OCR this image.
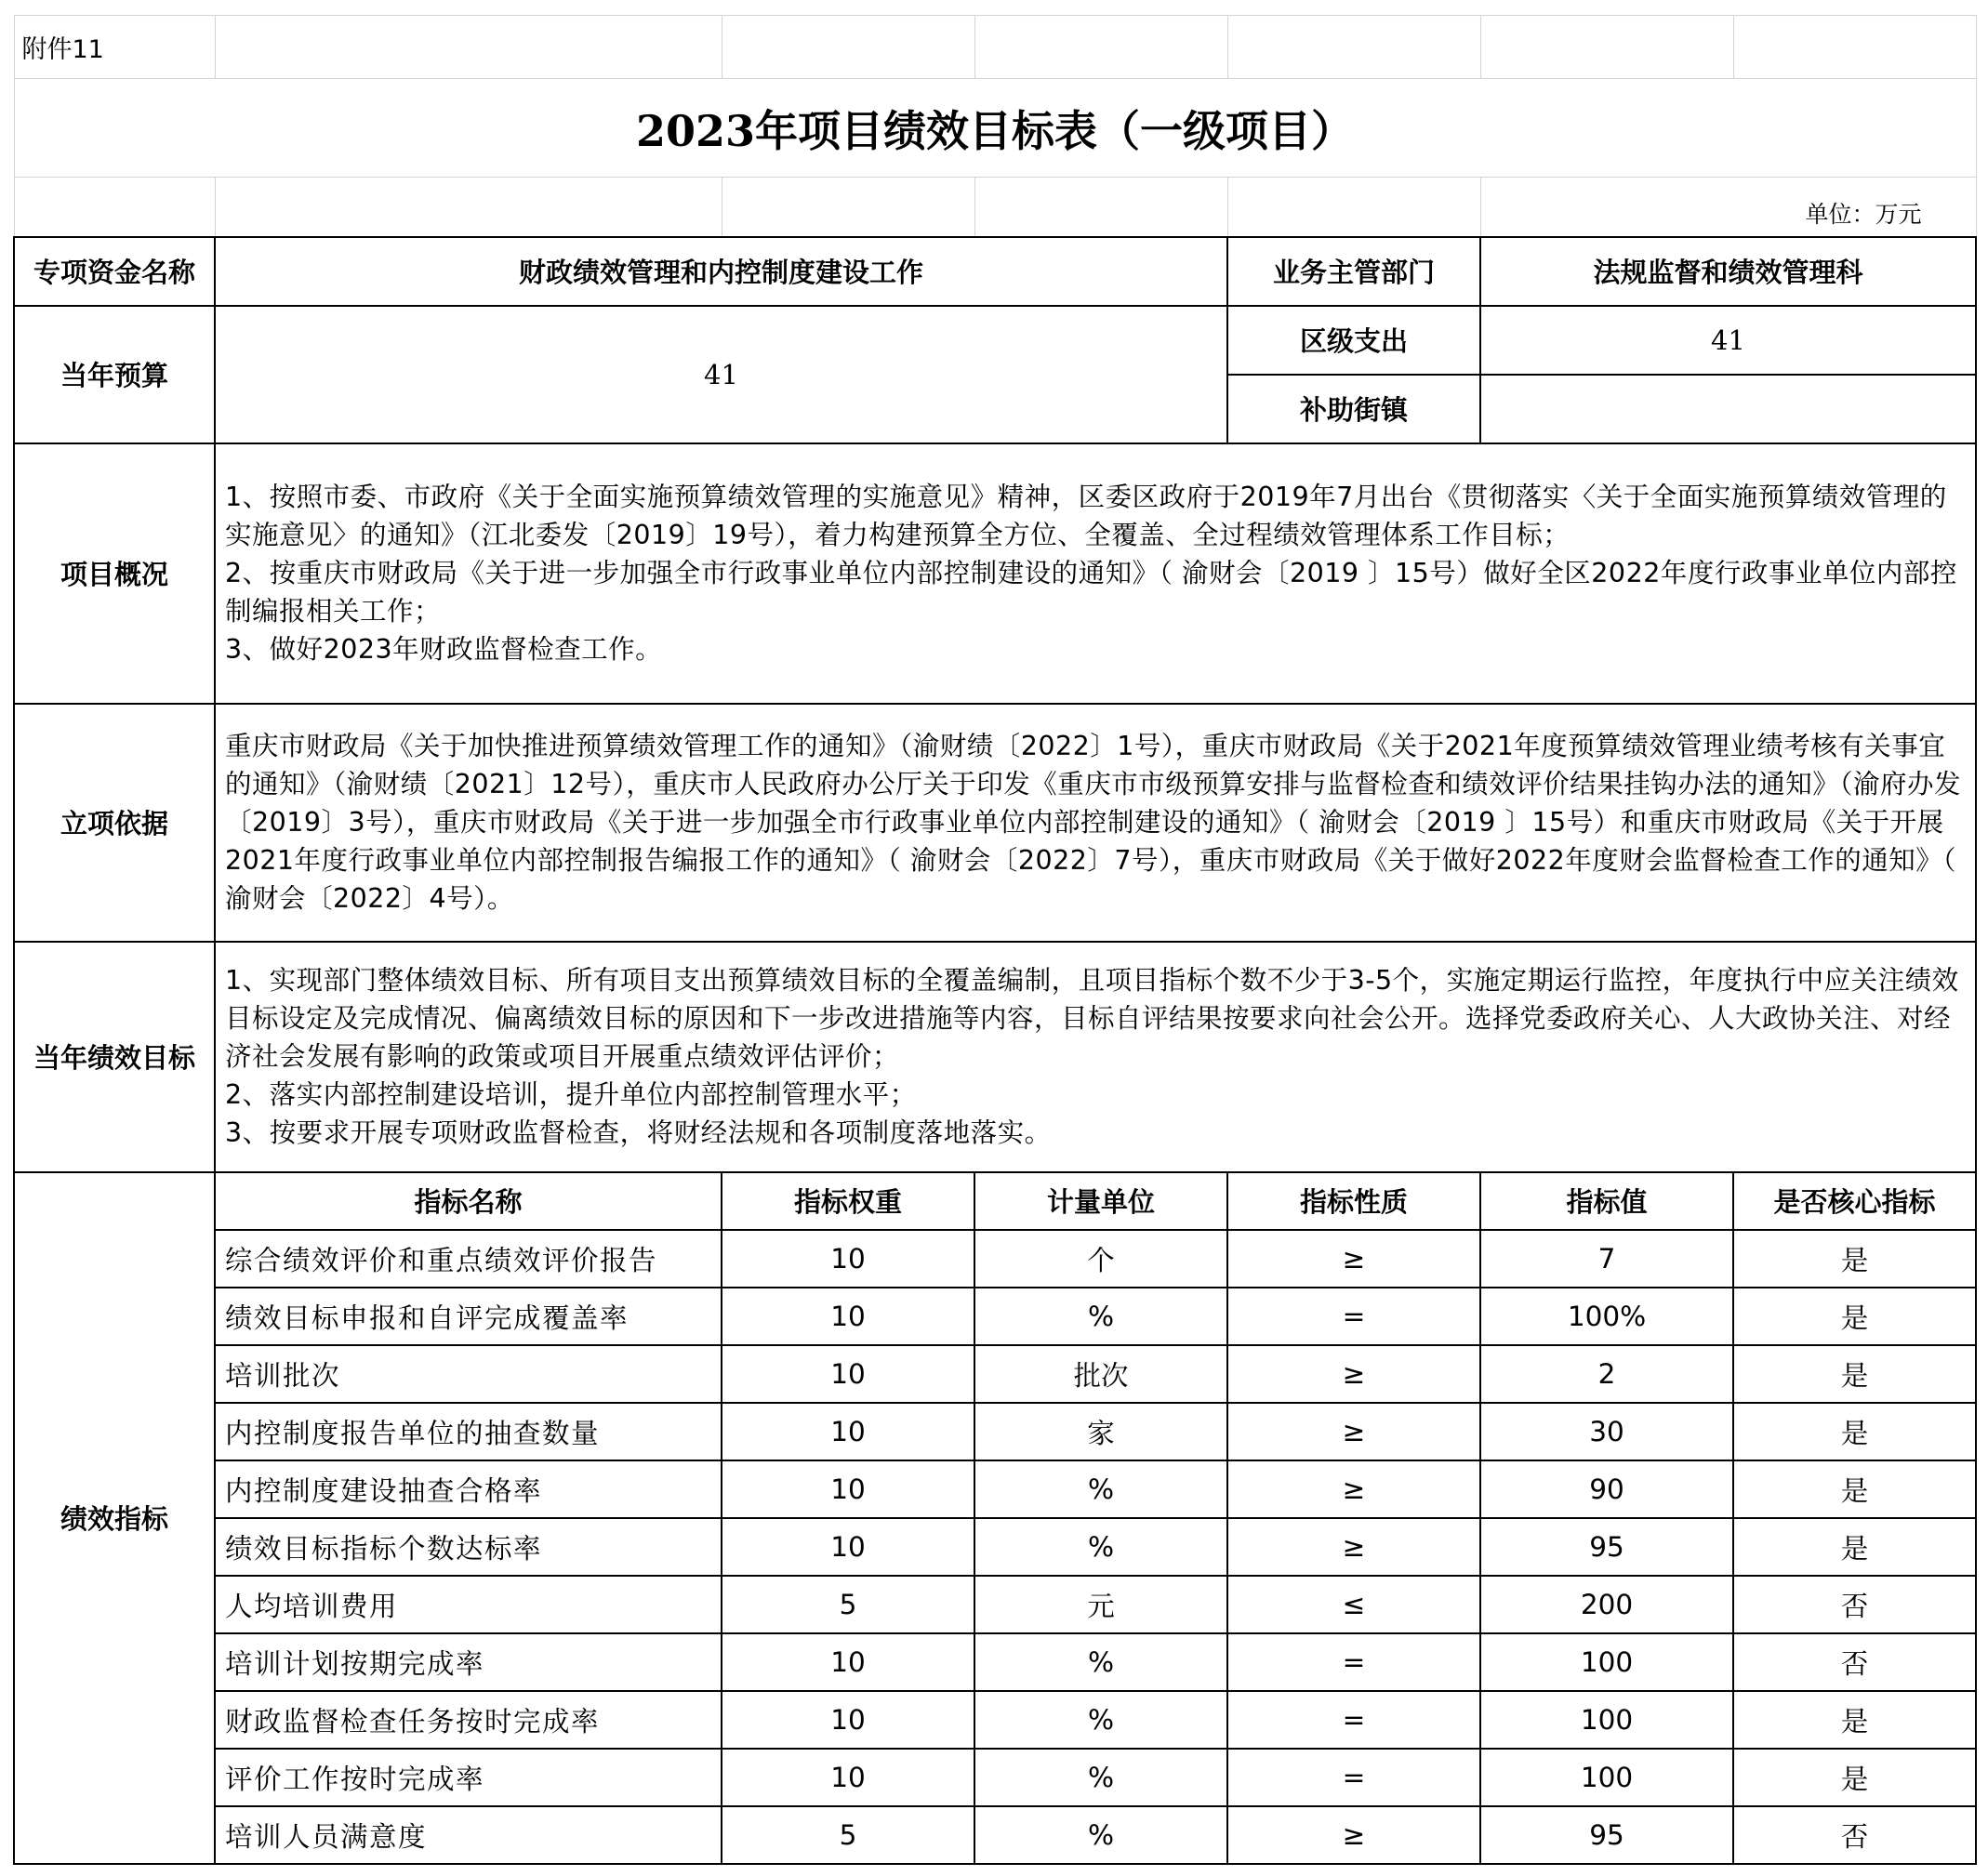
附件11						
2023年项目绩效目标表（一级项目）						
					单位：万元	
专项资金名称	财政绩效管理和内控制度建设工作			业务主管部门	法规监督和绩效管理科	
当年预算	41			区级支出	41	
				补助街镇		
项目概况	1、按照市委、市政府《关于全面实施预算绩效管理的实施意见》精神，区委区政府于2019年7月出台《贯彻落实〈关于全面实施预算绩效管理的实施意见〉的通知》（江北委发〔2019〕19号），着力构建预算全方位、全覆盖、全过程绩效管理体系工作目标；
2、按重庆市财政局《关于进一步加强全市行政事业单位内部控制建设的通知》（ 渝财会〔2019 〕15号）做好全区2022年度行政事业单位内部控制编报相关工作；
3、做好2023年财政监督检查工作。					

立项依据	重庆市财政局《关于加快推进预算绩效管理工作的通知》（渝财绩〔2022〕1号），重庆市财政局《关于2021年度预算绩效管理业绩考核有关事宜的通知》（渝财绩〔2021〕12号），重庆市人民政府办公厅关于印发《重庆市市级预算安排与监督检查和绩效评价结果挂钩办法的通知》（渝府办发〔2019〕3号），重庆市财政局《关于进一步加强全市行政事业单位内部控制建设的通知》（ 渝财会〔2019 〕15号）和重庆市财政局《关于开展2021年度行政事业单位内部控制报告编报工作的通知》（ 渝财会〔2022〕7号），重庆市财政局《关于做好2022年度财会监督检查工作的通知》（ 渝财会〔2022〕4号）。					

当年绩效目标	1、实现部门整体绩效目标、所有项目支出预算绩效目标的全覆盖编制，且项目指标个数不少于3-5个，实施定期运行监控，年度执行中应关注绩效目标设定及完成情况、偏离绩效目标的原因和下一步改进措施等内容，目标自评结果按要求向社会公开。选择党委政府关心、人大政协关注、对经济社会发展有影响的政策或项目开展重点绩效评估评价；
2、落实内部控制建设培训，提升单位内部控制管理水平；
3、按要求开展专项财政监督检查，将财经法规和各项制度落地落实。					

绩效指标	指标名称	指标权重	计量单位	指标性质	指标值	是否核心指标
	综合绩效评价和重点绩效评价报告	10	个	≥	7	是
	绩效目标申报和自评完成覆盖率	10	%	=	100%	是
	培训批次	10	批次	≥	2	是
	内控制度报告单位的抽查数量	10	家	≥	30	是
	内控制度建设抽查合格率	10	%	≥	90	是
	绩效目标指标个数达标率	10	%	≥	95	是
	人均培训费用	5	元	≤	200	否
	培训计划按期完成率	10	%	=	100	否
	财政监督检查任务按时完成率	10	%	=	100	是
	评价工作按时完成率	10	%	=	100	是
	培训人员满意度	5	%	≥	95	否
